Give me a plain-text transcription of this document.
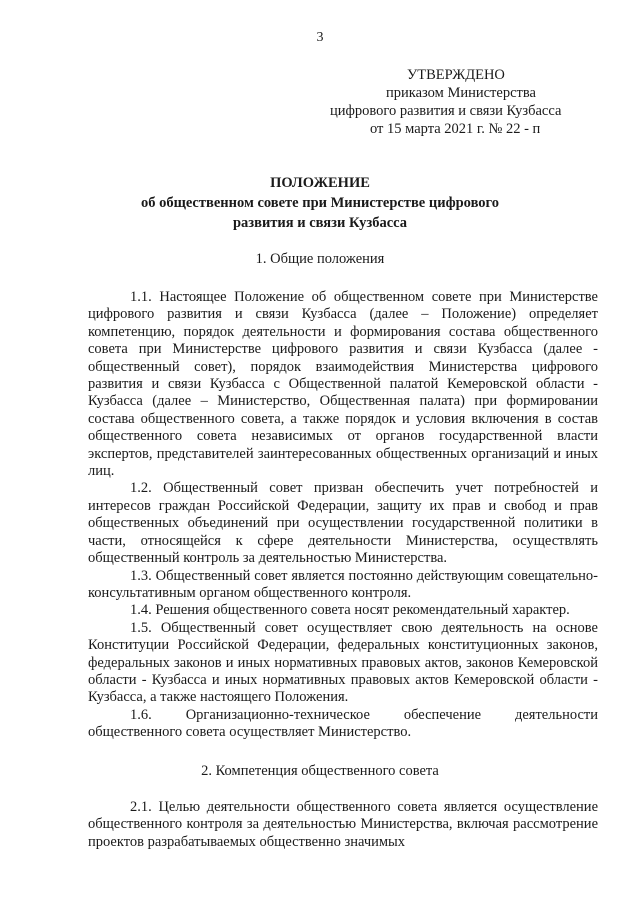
3
УТВЕРЖДЕНО
приказом Министерства
цифрового развития и связи Кузбасса
от 15 марта 2021 г. № 22 - п
ПОЛОЖЕНИЕ
об общественном совете при Министерстве цифрового
развития и связи Кузбасса
1. Общие положения

1.1. Настоящее Положение об общественном совете при Министерстве цифрового развития и связи Кузбасса (далее – Положение) определяет компетенцию, порядок деятельности и формирования состава общественного совета при Министерстве цифрового развития и связи Кузбасса (далее - общественный совет), порядок взаимодействия Министерства цифрового развития и связи Кузбасса с Общественной палатой Кемеровской области - Кузбасса (далее – Министерство, Общественная палата) при формировании состава общественного совета, а также порядок и условия включения в состав общественного совета независимых от органов государственной власти экспертов, представителей заинтересованных общественных организаций и иных лиц.

1.2. Общественный совет призван обеспечить учет потребностей и интересов граждан Российской Федерации, защиту их прав и свобод и прав общественных объединений при осуществлении государственной политики в части, относящейся к сфере деятельности Министерства, осуществлять общественный контроль за деятельностью Министерства.

1.3. Общественный совет является постоянно действующим совещательно-консультативным органом общественного контроля.

1.4. Решения общественного совета носят рекомендательный характер.

1.5. Общественный совет осуществляет свою деятельность на основе Конституции Российской Федерации, федеральных конституционных законов, федеральных законов и иных нормативных правовых актов, законов Кемеровской области - Кузбасса и иных нормативных правовых актов Кемеровской области - Кузбасса, а также настоящего Положения.

1.6. Организационно-техническое обеспечение деятельности общественного совета осуществляет Министерство.

2. Компетенция общественного совета

2.1. Целью деятельности общественного совета является осуществление общественного контроля за деятельностью Министерства, включая рассмотрение проектов разрабатываемых общественно значимых
